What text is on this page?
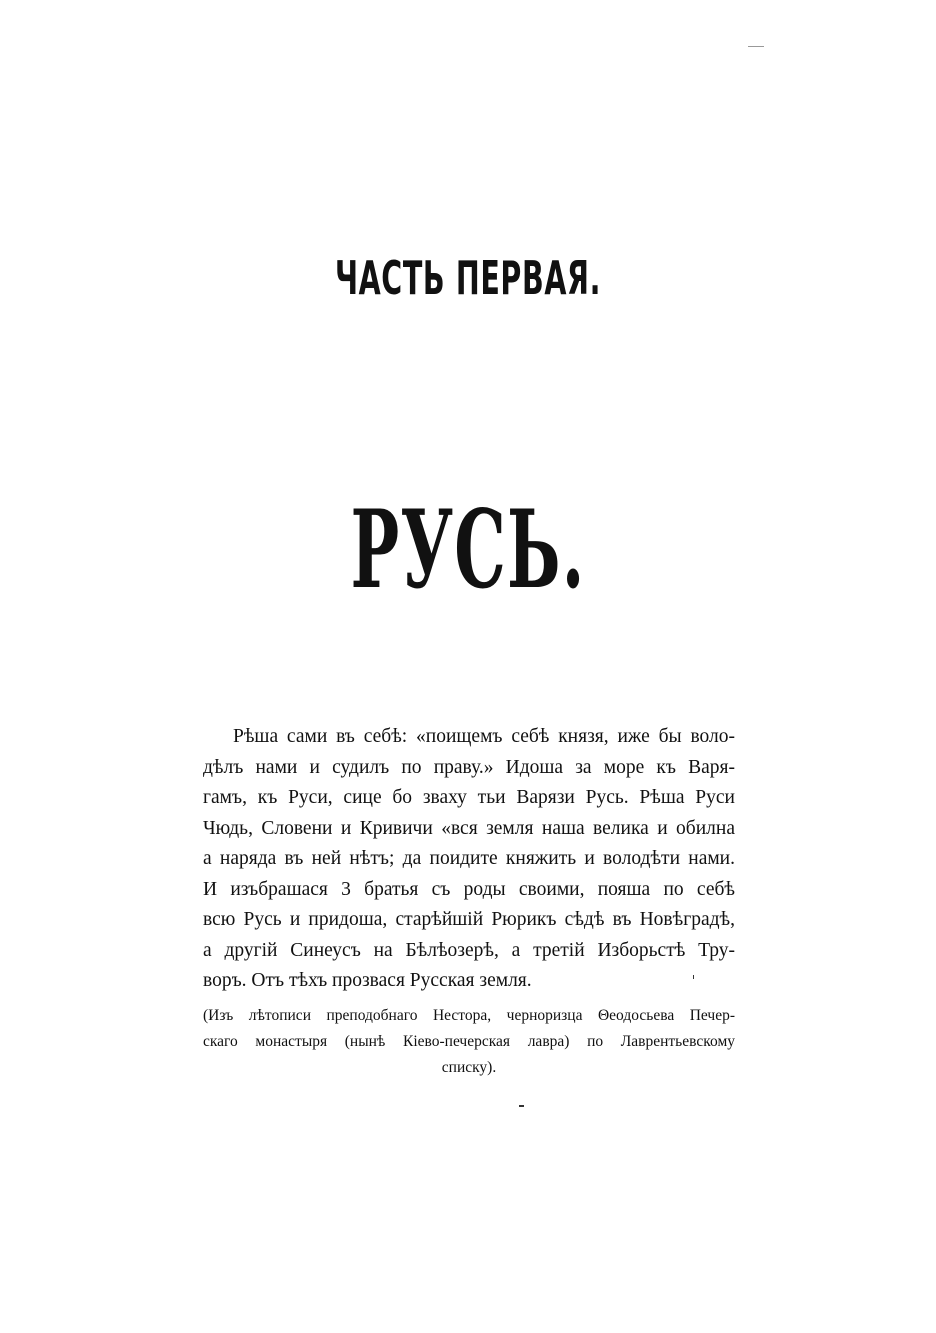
ЧАСТЬ ПЕРВАЯ.
РУСЬ.
Рѣша сами въ себѣ: «поищемъ себѣ князя, иже бы воло-
дѣлъ нами и судилъ по праву.» Идоша за море къ Варя-
гамъ, къ Руси, сице бо зваху тьи Варязи Русь. Рѣша Руси
Чюдь, Словени и Кривичи «вся земля наша велика и обилна
а наряда въ ней нѣтъ; да поидите княжить и володѣти нами.
И изъбрашася 3 братья съ роды своими, пояша по себѣ
всю Русь и придоша, старѣйшiй Рюрикъ сѣдѣ въ Новѣградѣ,
а другiй Синеусъ на Бѣлѣозерѣ, а третiй Изборьстѣ Тру-
воръ. Отъ тѣхъ прозвася Русская земля.
(Изъ лѣтописи преподобнаго Нестора, черноризца Θеодосьева Печер-
скаго монастыря (нынѣ Кiево-печерская лавра) по Лаврентьевскому
списку).
